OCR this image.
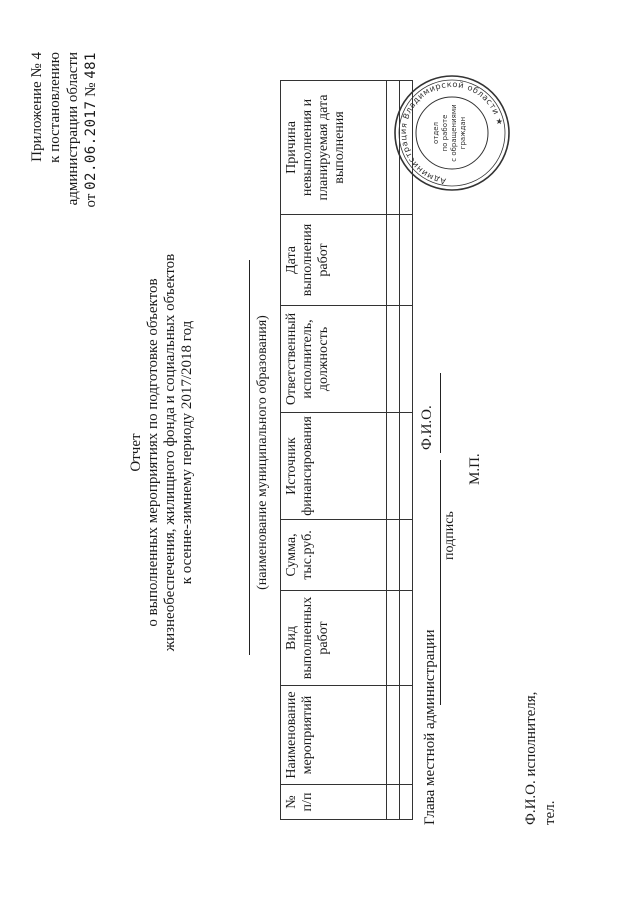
Приложение № 4 к постановлению администрации области от 02.06.2017 № 481
Отчет о выполненных мероприятиях по подготовке объектов жизнеобеспечения, жилищного фонда и социальных объектов к осенне-зимнему периоду 2017/2018 год	(наименование муниципального образования)
№ п/п	Наименование мероприятий	Вид выполненных работ	Сумма, тыс.руб.	Источник финансирования	Ответственный исполнитель, должность	Дата выполнения работ	Причина невыполнения и планируемая дата выполнения

Глава местной администрации
подпись
Ф.И.О.
М.П.
Ф.И.О. исполнителя, тел.
Администрация Владимирской области ★
отдел по работе с обращениями граждан
